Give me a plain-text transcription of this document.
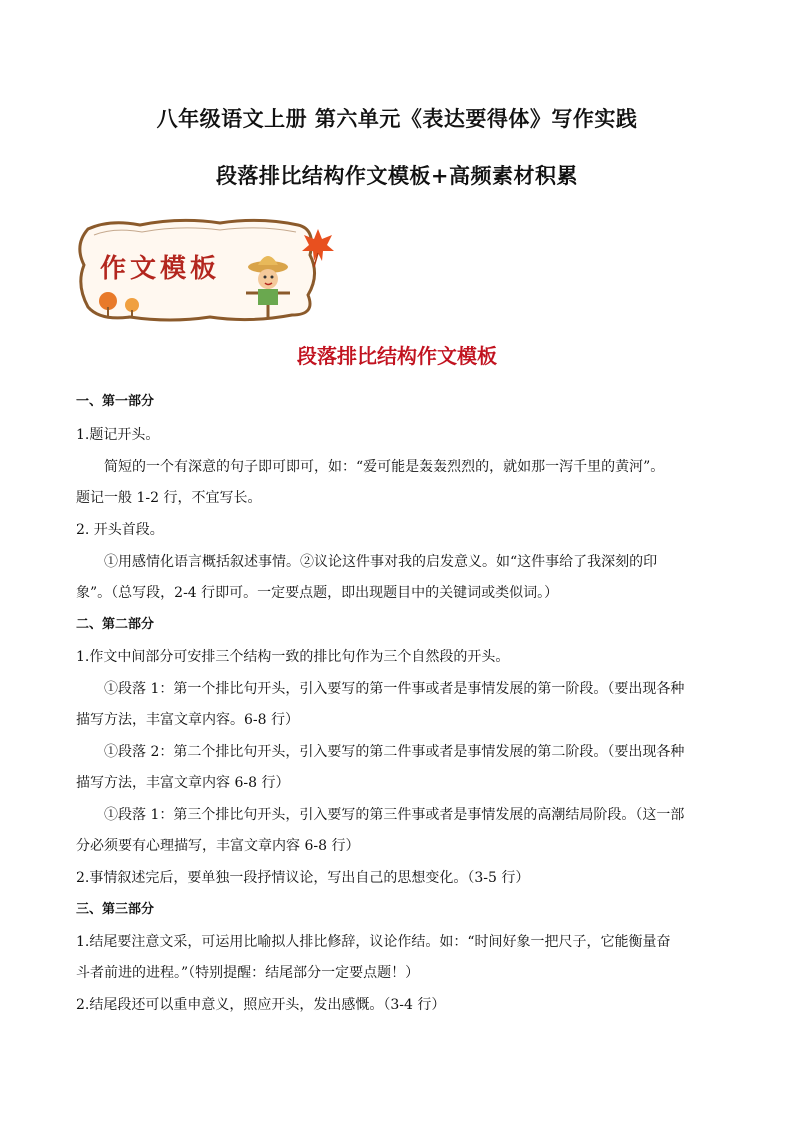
八年级语文上册 第六单元《表达要得体》写作实践
段落排比结构作文模板+高频素材积累
作文模板
段落排比结构作文模板
一、第一部分
1.题记开头。
简短的一个有深意的句子即可即可，如：“爱可能是轰轰烈烈的，就如那一泻千里的黄河”。
题记一般 1-2 行，不宜写长。
2. 开头首段。
①用感情化语言概括叙述事情。②议论这件事对我的启发意义。如“这件事给了我深刻的印
象”。（总写段，2-4 行即可。一定要点题，即出现题目中的关键词或类似词。）
二、第二部分
1.作文中间部分可安排三个结构一致的排比句作为三个自然段的开头。
①段落 1：第一个排比句开头，引入要写的第一件事或者是事情发展的第一阶段。（要出现各种
描写方法，丰富文章内容。6-8 行）
①段落 2：第二个排比句开头，引入要写的第二件事或者是事情发展的第二阶段。（要出现各种
描写方法，丰富文章内容 6-8 行）
①段落 1：第三个排比句开头，引入要写的第三件事或者是事情发展的高潮结局阶段。（这一部
分必须要有心理描写，丰富文章内容 6-8 行）
2.事情叙述完后，要单独一段抒情议论，写出自己的思想变化。（3-5 行）
三、第三部分
1.结尾要注意文采，可运用比喻拟人排比修辞，议论作结。如：“时间好象一把尺子，它能衡量奋
斗者前进的进程。”（特别提醒：结尾部分一定要点题！）
2.结尾段还可以重申意义，照应开头，发出感慨。（3-4 行）
